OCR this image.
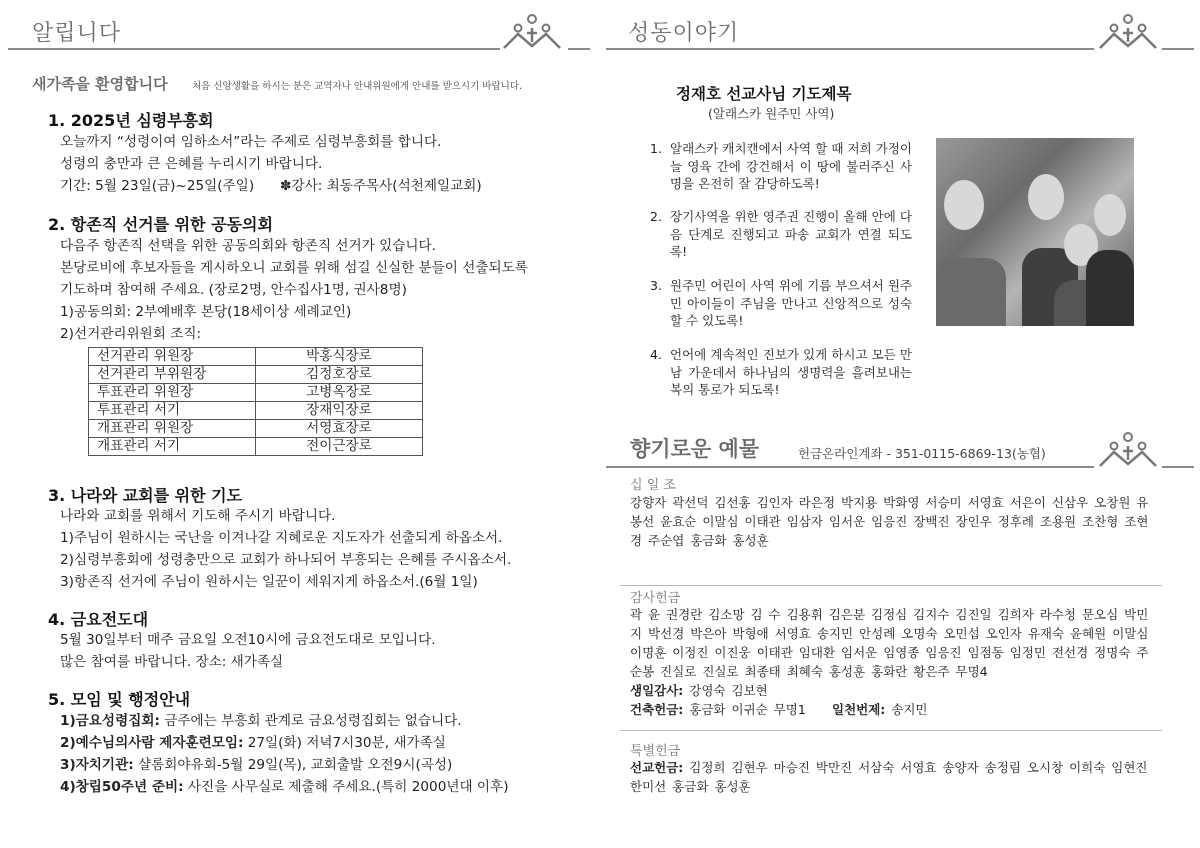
알립니다
새가족을 환영합니다	처음 신앙생활을 하시는 분은 교역자나 안내위원에게 안내를 받으시기 바랍니다.
1. 2025년 심령부흥회
오늘까지 “성령이여 임하소서”라는 주제로 심령부흥회를 합니다.
성령의 충만과 큰 은혜를 누리시기 바랍니다.
기간: 5월 23일(금)~25일(주일)      ✽강사: 최동주목사(석천제일교회)
2. 항존직 선거를 위한 공동의회
다음주 항존직 선택을 위한 공동의회와 항존직 선거가 있습니다.
본당로비에 후보자들을 게시하오니 교회를 위해 섬길 신실한 분들이 선출되도록
기도하며 참여해 주세요. (장로2명, 안수집사1명, 권사8명)
1)공동의회: 2부예배후 본당(18세이상 세례교인)
2)선거관리위원회 조직:
선거관리 위원장	박홍식장로
선거관리 부위원장	김정호장로
투표관리 위원장	고병옥장로
투표관리 서기	장재익장로
개표관리 위원장	서영효장로
개표관리 서기	전이근장로
3. 나라와 교회를 위한 기도
나라와 교회를 위해서 기도해 주시기 바랍니다.
1)주님이 원하시는 국난을 이겨나갈 지혜로운 지도자가 선출되게 하옵소서.
2)심령부흥회에 성령충만으로 교회가 하나되어 부흥되는 은혜를 주시옵소서.
3)항존직 선거에 주님이 원하시는 일꾼이 세워지게 하옵소서.(6월 1일)
4. 금요전도대
5월 30일부터 매주 금요일 오전10시에 금요전도대로 모입니다.
많은 참여를 바랍니다. 장소: 새가족실
5. 모임 및 행정안내
1)금요성령집회: 금주에는 부흥회 관계로 금요성령집회는 없습니다.
2)예수님의사람 제자훈련모임: 27일(화) 저녁7시30분, 새가족실
3)자치기관: 샬롬회야유회-5월 29일(목), 교회출발 오전9시(곡성)
4)창립50주년 준비: 사진을 사무실로 제출해 주세요.(특히 2000년대 이후)
성동이야기
정재호 선교사님 기도제목
(알래스카 원주민 사역)
1. 알래스카 캐치캔에서 사역 할 때 저희 가정이 늘 영육 간에 강건해서 이 땅에 불러주신 사명을 온전히 잘 감당하도록!
2. 장기사역을 위한 영주권 진행이 올해 안에 다음 단계로 진행되고 파송 교회가 연결 되도록!
3. 원주민 어린이 사역 위에 기름 부으셔서 원주민 아이들이 주님을 만나고 신앙적으로 성숙할 수 있도록!
4. 언어에 계속적인 진보가 있게 하시고 모든 만남 가운데서 하나님의 생명력을 흘려보내는 복의 통로가 되도록!
향기로운 예물	헌금온라인계좌 - 351-0115-6869-13(농협)
십 일 조
강향자 곽선덕 김선홍 김인자 라은정 박지용 박화영 서승미 서영효 서은이 신삼우 오창원 유봉선 윤효순 이말심 이태관 임삼자 임서운 임응진 장백진 장인우 정후례 조용원 조찬형 조현경 주순엽 홍금화 홍성훈
감사헌금
곽 윤 권경란 김소망 김 수 김용휘 김은분 김정심 김지수 김진일 김희자 라수청 문오심 박민지 박선경 박은아 박형애 서영효 송지민 안성례 오명숙 오민섭 오인자 유재숙 윤혜원 이말심 이명훈 이정진 이진웅 이태관 임대환 임서운 임영종 임응진 임점동 임정민 전선경 정명숙 주순봉 진실로 진실로 최종태 최혜숙 홍성훈 홍화란 황은주 무명4
생일감사: 강영숙 김보현
건축헌금: 홍금화 이귀순 무명1	일천번제: 송지민
특별헌금
선교헌금: 김정희 김현우 마승진 박만진 서삼숙 서영효 송양자 송정림 오시창 이희숙 임현진 한미선 홍금화 홍성훈
